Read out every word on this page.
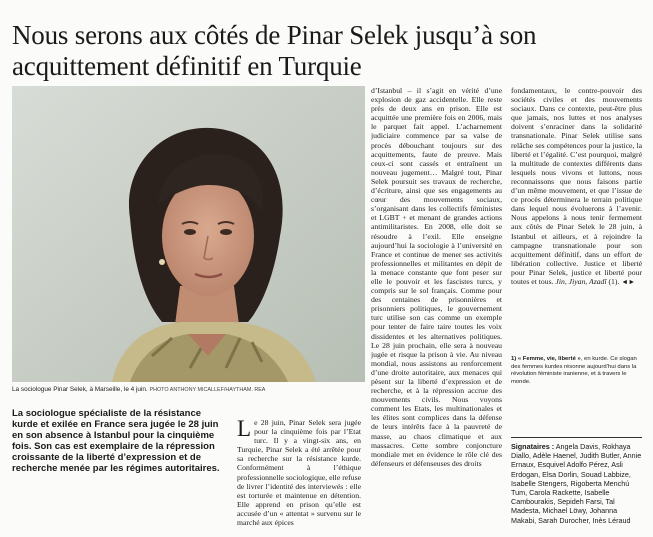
Nous serons aux côtés de Pinar Selek jusqu’à son acquittement définitif en Turquie
La sociologue Pinar Selek, à Marseille, le 4 juin. PHOTO ANTHONY MICALLEF/HAYTHAM. REA
La sociologue spécialiste de la résistance kurde et exilée en France sera jugée le 28 juin en son absence à Istanbul pour la cinquième fois. Son cas est exemplaire de la répression croissante de la liberté d’expression et de recherche menée par les régimes autoritaires.

Le 28 juin, Pinar Selek sera jugée pour la cinquième fois par l’Etat turc. Il y a vingt-six ans, en Turquie, Pinar Selek a été arrêtée pour sa recherche sur la résistance kurde. Conformément à l’éthique professionnelle sociologique, elle refuse de livrer l’identité des interviewés : elle est torturée et maintenue en détention. Elle apprend en prison qu’elle est accusée d’un « attentat » survenu sur le marché aux épices

d’Istanbul – il s’agit en vérité d’une explosion de gaz accidentelle. Elle reste près de deux ans en prison. Elle est acquittée une première fois en 2006, mais le parquet fait appel. L’acharnement judiciaire commence par sa valse de procès débouchant toujours sur des acquittements, faute de preuve. Mais ceux-ci sont cassés et entraînent un nouveau jugement… Malgré tout, Pinar Selek poursuit ses travaux de recherche, d’écriture, ainsi que ses engagements au cœur des mouvements sociaux, s’organisant dans les collectifs féministes et LGBT + et menant de grandes actions antimilitaristes. En 2008, elle doit se résoudre à l’exil. Elle enseigne aujourd’hui la sociologie à l’université en France et continue de mener ses activités professionnelles et militantes en dépit de la menace constante que font peser sur elle le pouvoir et les fascistes turcs, y compris sur le sol français. Comme pour des centaines de prisonnières et prisonniers politiques, le gouvernement turc utilise son cas comme un exemple pour tenter de faire taire toutes les voix dissidentes et les alternatives politiques. Le 28 juin prochain, elle sera à nouveau jugée et risque la prison à vie. Au niveau mondial, nous assistons au renforcement d’une droite autoritaire, aux menaces qui pèsent sur la liberté d’expression et de recherche, et à la répression accrue des mouvements civils. Nous voyons comment les Etats, les multinationales et les élites sont complices dans la défense de leurs intérêts face à la pauvreté de masse, au chaos climatique et aux massacres. Cette sombre conjoncture mondiale met en évidence le rôle clé des défenseurs et défenseuses des droits

fondamentaux, le contre-pouvoir des sociétés civiles et des mouvements sociaux. Dans ce contexte, peut-être plus que jamais, nos luttes et nos analyses doivent s’enraciner dans la solidarité transnationale. Pinar Selek utilise sans relâche ses compétences pour la justice, la liberté et l’égalité. C’est pourquoi, malgré la multitude de contextes différents dans lesquels nous vivons et luttons, nous reconnaissons que nous faisons partie d’un même mouvement, et que l’issue de ce procès déterminera le terrain politique dans lequel nous évoluerons à l’avenir. Nous appelons à nous tenir fermement aux côtés de Pinar Selek le 28 juin, à Istanbul et ailleurs, et à rejoindre la campagne transnationale pour son acquittement définitif, dans un effort de libération collective. Justice et liberté pour Pinar Selek, justice et liberté pour toutes et tous. Jin, Jiyan, Azadî (1). ◄►

1) « Femme, vie, liberté », en kurde. Ce slogan des femmes kurdes résonne aujourd’hui dans la révolution féministe iranienne, et à travers le monde.
Signataires : Angela Davis, Rokhaya Diallo, Adèle Haenel, Judith Butler, Annie Ernaux, Esquivel Adolfo Pérez, Asli Erdogan, Elsa Dorlin, Souad Labbize, Isabelle Stengers, Rigoberta Menchú Tum, Carola Rackette, Isabelle Cambourakis, Sepideh Farsi, Tal Madesta, Michael Löwy, Johanna Makabi, Sarah Durocher, Inès Léraud
